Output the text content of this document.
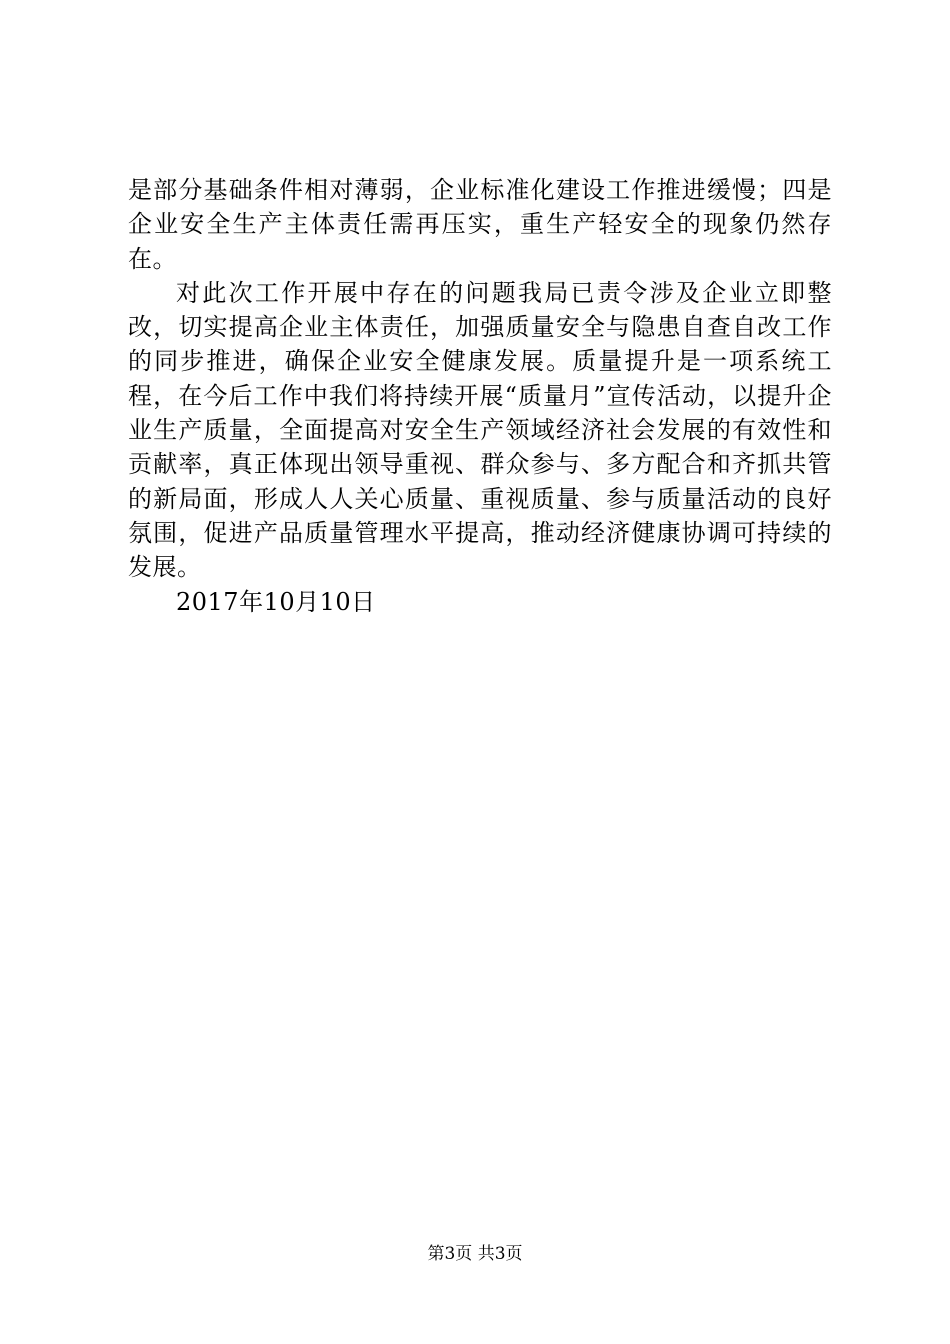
是部分基础条件相对薄弱，企业标准化建设工作推进缓慢；四是企业安全生产主体责任需再压实，重生产轻安全的现象仍然存在。

对此次工作开展中存在的问题我局已责令涉及企业立即整改，切实提高企业主体责任，加强质量安全与隐患自查自改工作的同步推进，确保企业安全健康发展。质量提升是一项系统工程，在今后工作中我们将持续开展“质量月”宣传活动，以提升企业生产质量，全面提高对安全生产领域经济社会发展的有效性和贡献率，真正体现出领导重视、群众参与、多方配合和齐抓共管的新局面，形成人人关心质量、重视质量、参与质量活动的良好氛围，促进产品质量管理水平提高，推动经济健康协调可持续的发展。

2017年10月10日

第3页 共3页
